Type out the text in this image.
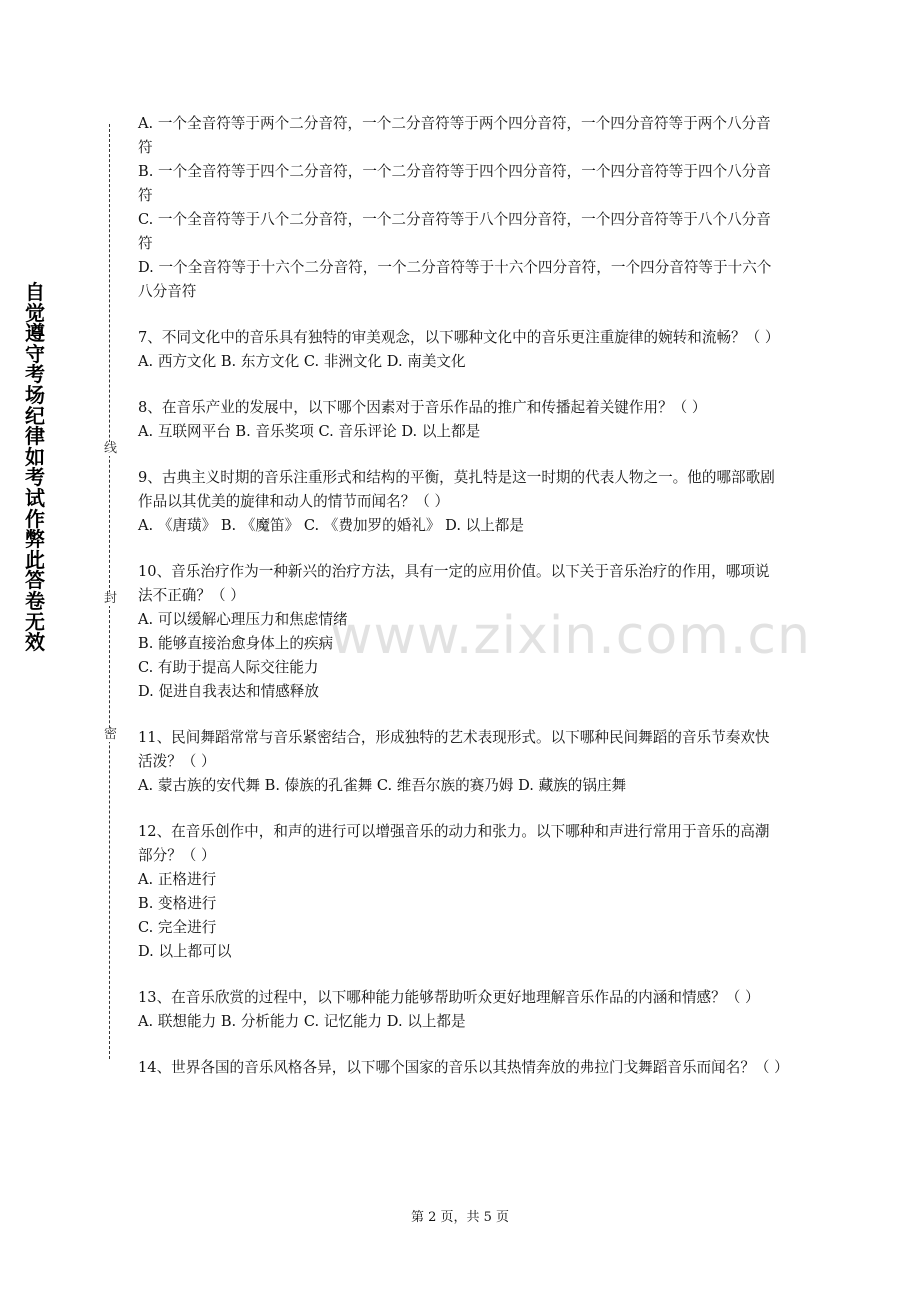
自觉遵守考场纪律如考试作弊此答卷无效
线
封
密
www.zixin.com.cn

A. 一个全音符等于两个二分音符，一个二分音符等于两个四分音符，一个四分音符等于两个八分音符

B. 一个全音符等于四个二分音符，一个二分音符等于四个四分音符，一个四分音符等于四个八分音符

C. 一个全音符等于八个二分音符，一个二分音符等于八个四分音符，一个四分音符等于八个八分音符

D. 一个全音符等于十六个二分音符，一个二分音符等于十六个四分音符，一个四分音符等于十六个八分音符

7、不同文化中的音乐具有独特的审美观念，以下哪种文化中的音乐更注重旋律的婉转和流畅？（ ）

A. 西方文化 B. 东方文化 C. 非洲文化 D. 南美文化

8、在音乐产业的发展中，以下哪个因素对于音乐作品的推广和传播起着关键作用？（ ）

A. 互联网平台 B. 音乐奖项 C. 音乐评论 D. 以上都是

9、古典主义时期的音乐注重形式和结构的平衡，莫扎特是这一时期的代表人物之一。他的哪部歌剧作品以其优美的旋律和动人的情节而闻名？（ ）

A. 《唐璜》 B. 《魔笛》 C. 《费加罗的婚礼》 D. 以上都是

10、音乐治疗作为一种新兴的治疗方法，具有一定的应用价值。以下关于音乐治疗的作用，哪项说法不正确？（ ）

A. 可以缓解心理压力和焦虑情绪

B. 能够直接治愈身体上的疾病

C. 有助于提高人际交往能力

D. 促进自我表达和情感释放

11、民间舞蹈常常与音乐紧密结合，形成独特的艺术表现形式。以下哪种民间舞蹈的音乐节奏欢快活泼？（ ）

A. 蒙古族的安代舞 B. 傣族的孔雀舞 C. 维吾尔族的赛乃姆 D. 藏族的锅庄舞

12、在音乐创作中，和声的进行可以增强音乐的动力和张力。以下哪种和声进行常用于音乐的高潮部分？（ ）

A. 正格进行

B. 变格进行

C. 完全进行

D. 以上都可以

13、在音乐欣赏的过程中，以下哪种能力能够帮助听众更好地理解音乐作品的内涵和情感？（ ）

A. 联想能力 B. 分析能力 C. 记忆能力 D. 以上都是

14、世界各国的音乐风格各异，以下哪个国家的音乐以其热情奔放的弗拉门戈舞蹈音乐而闻名？（ ）

第 2 页，共 5 页
